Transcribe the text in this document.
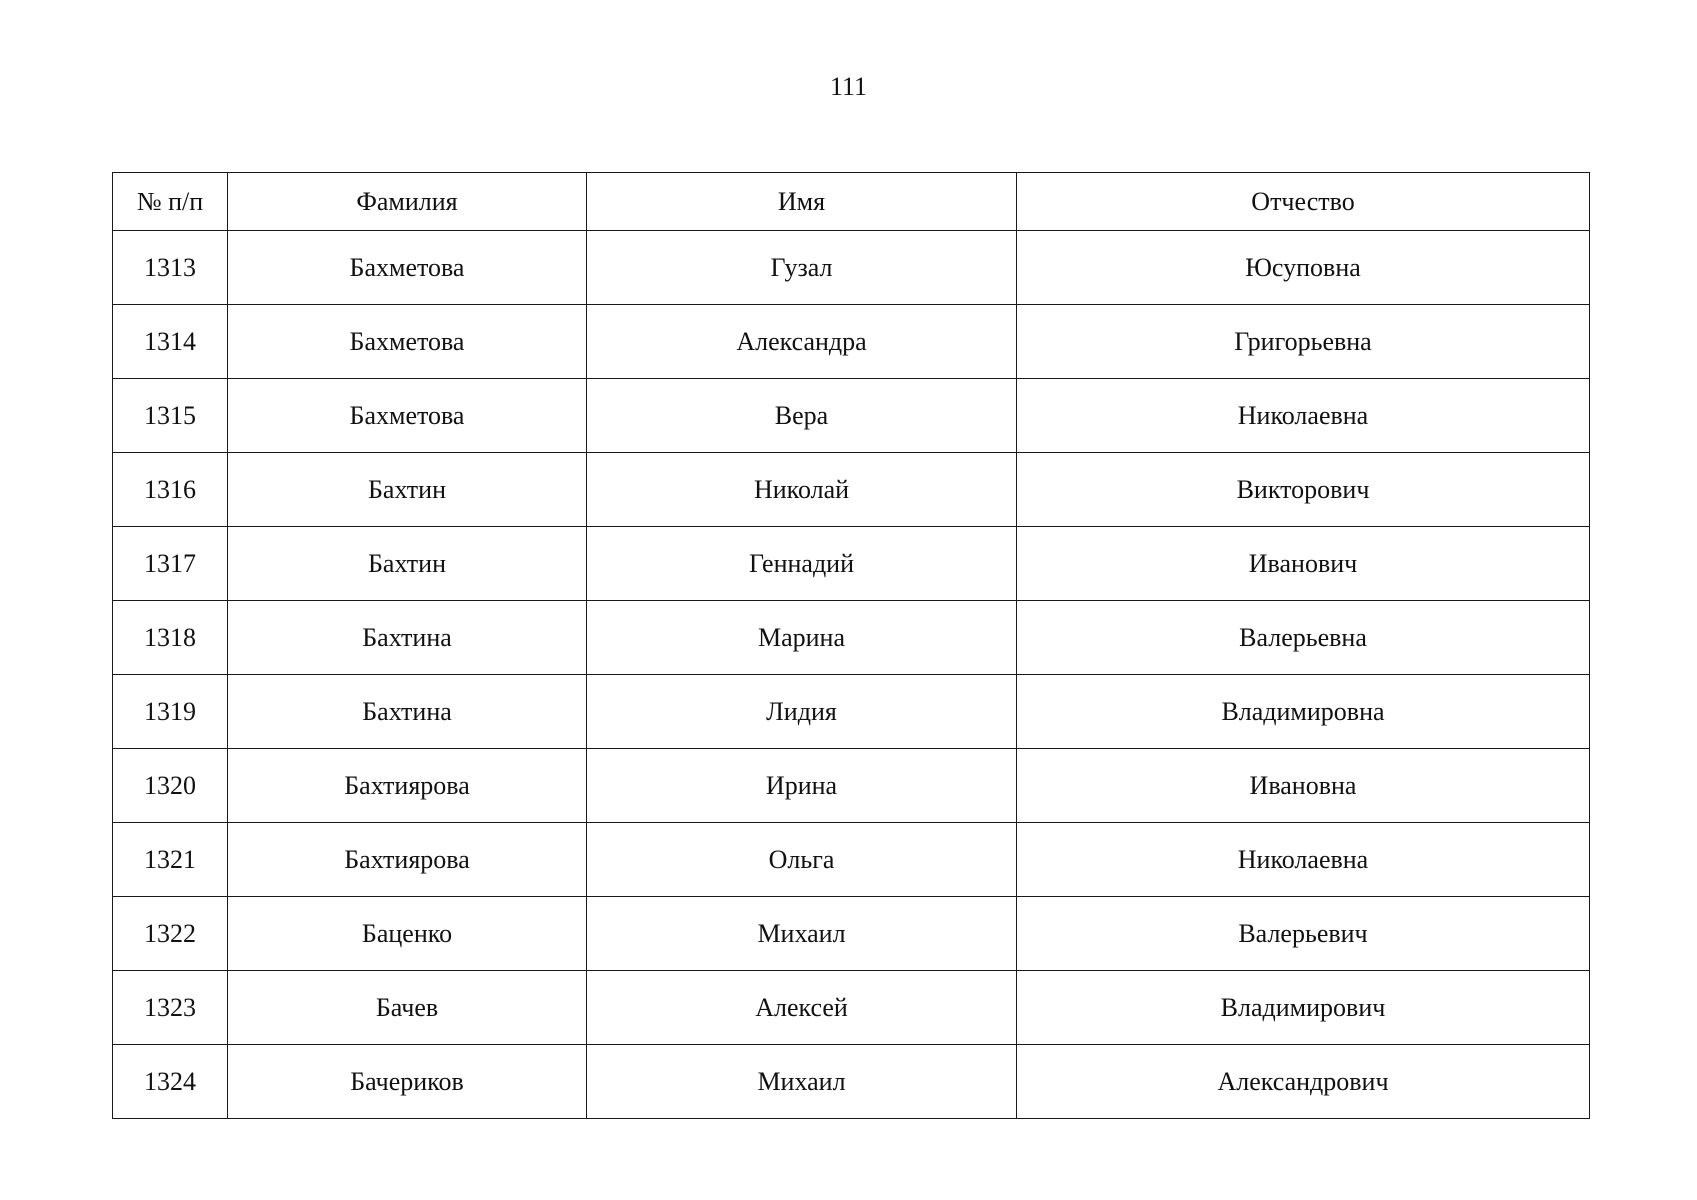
111
№ п/п	Фамилия	Имя	Отчество
1313	Бахметова	Гузал	Юсуповна
1314	Бахметова	Александра	Григорьевна
1315	Бахметова	Вера	Николаевна
1316	Бахтин	Николай	Викторович
1317	Бахтин	Геннадий	Иванович
1318	Бахтина	Марина	Валерьевна
1319	Бахтина	Лидия	Владимировна
1320	Бахтиярова	Ирина	Ивановна
1321	Бахтиярова	Ольга	Николаевна
1322	Баценко	Михаил	Валерьевич
1323	Бачев	Алексей	Владимирович
1324	Бачериков	Михаил	Александрович
